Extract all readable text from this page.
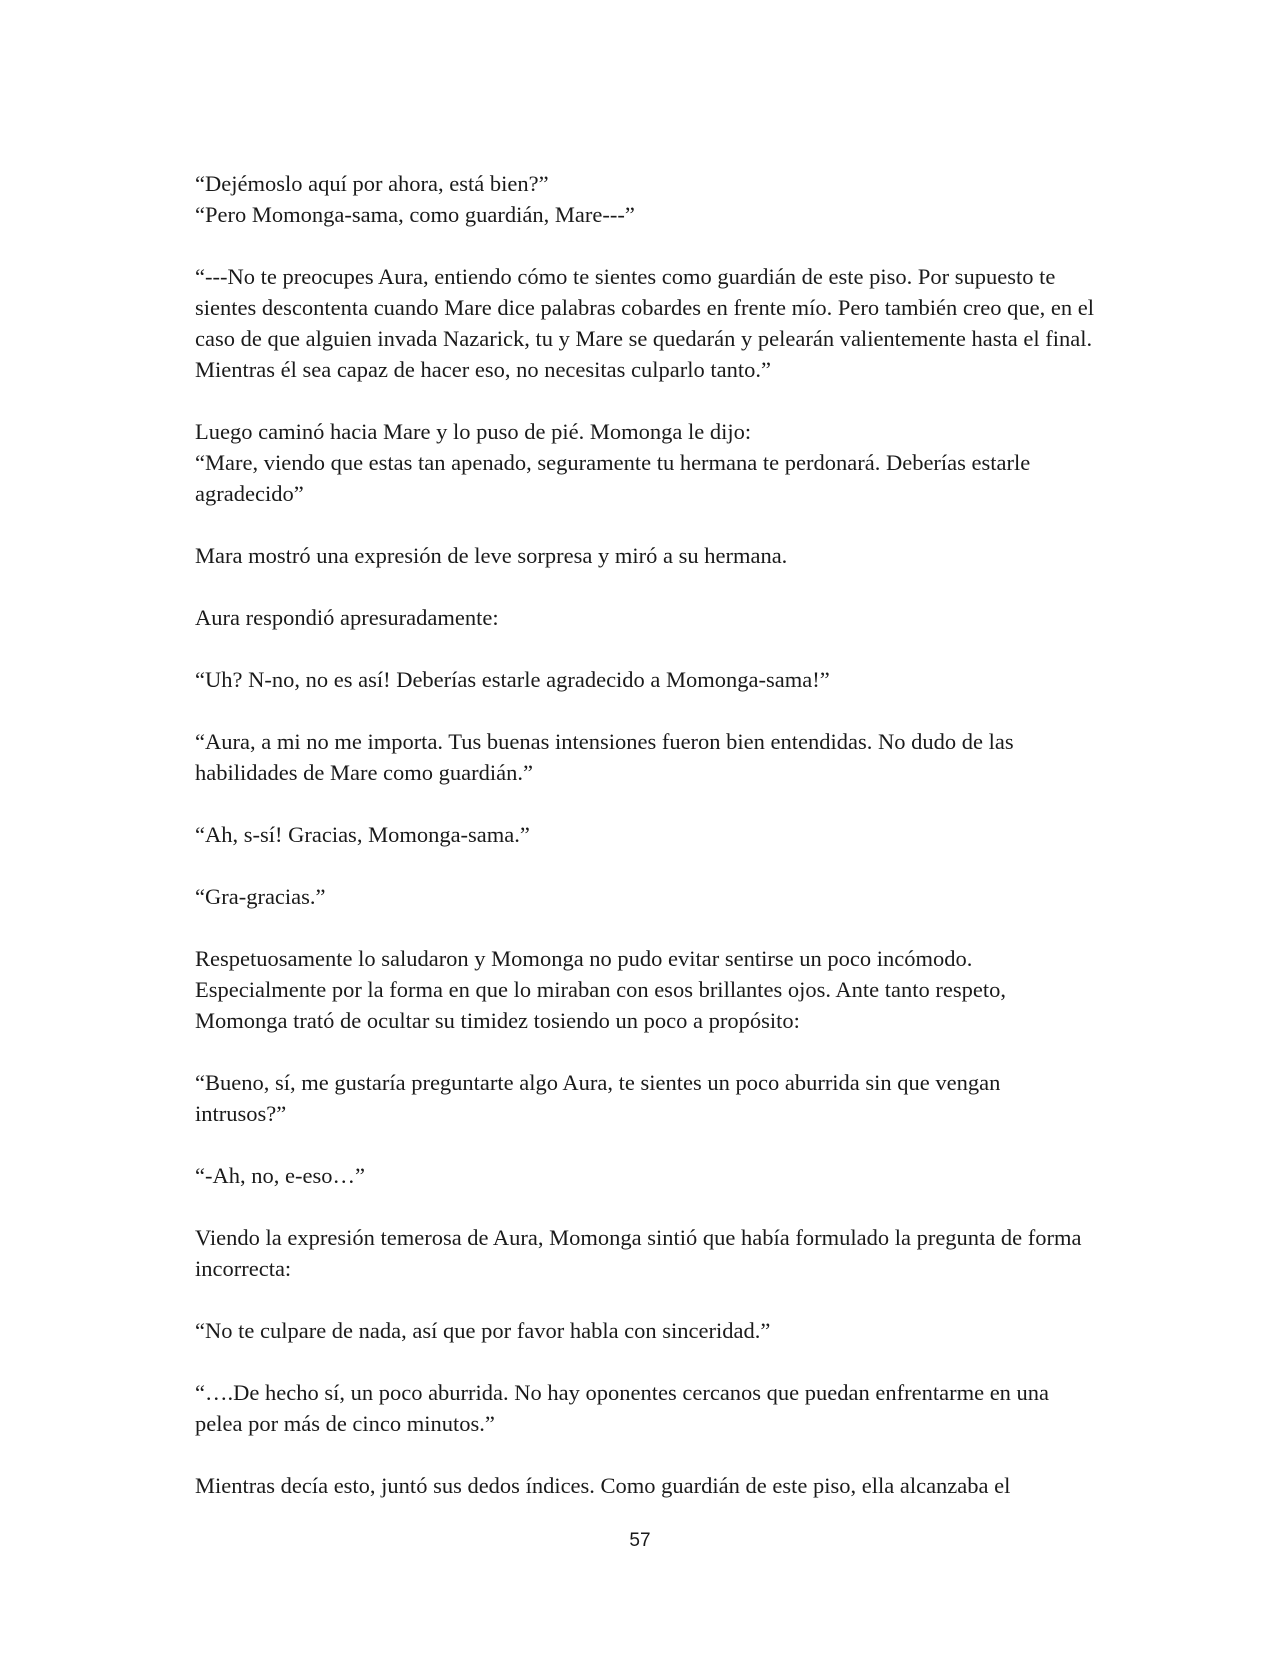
“Dejémoslo aquí por ahora, está bien?”

“Pero Momonga-sama, como guardián, Mare---”

“---No te preocupes Aura, entiendo cómo te sientes como guardián de este piso. Por supuesto te sientes descontenta cuando Mare dice palabras cobardes en frente mío. Pero también creo que, en el caso de que alguien invada Nazarick, tu y Mare se quedarán y pelearán valientemente hasta el final. Mientras él sea capaz de hacer eso, no necesitas culparlo tanto.”

Luego caminó hacia Mare y lo puso de pié. Momonga le dijo:

“Mare, viendo que estas tan apenado, seguramente tu hermana te perdonará. Deberías estarle agradecido”

Mara mostró una expresión de leve sorpresa y miró a su hermana.

Aura respondió apresuradamente:

“Uh? N-no, no es así! Deberías estarle agradecido a Momonga-sama!”

“Aura, a mi no me importa. Tus buenas intensiones fueron bien entendidas. No dudo de las habilidades de Mare como guardián.”

“Ah, s-sí! Gracias, Momonga-sama.”

“Gra-gracias.”

Respetuosamente lo saludaron y Momonga no pudo evitar sentirse un poco incómodo. Especialmente por la forma en que lo miraban con esos brillantes ojos. Ante tanto respeto, Momonga trató de ocultar su timidez tosiendo un poco a propósito:

“Bueno, sí, me gustaría preguntarte algo Aura, te sientes un poco aburrida sin que vengan intrusos?”

“-Ah, no, e-eso…”

Viendo la expresión temerosa de Aura, Momonga sintió que había formulado la pregunta de forma incorrecta:

“No te culpare de nada, así que por favor habla con sinceridad.”

“….De hecho sí, un poco aburrida. No hay oponentes cercanos que puedan enfrentarme en una pelea por más de cinco minutos.”

Mientras decía esto, juntó sus dedos índices. Como guardián de este piso, ella alcanzaba el

57
